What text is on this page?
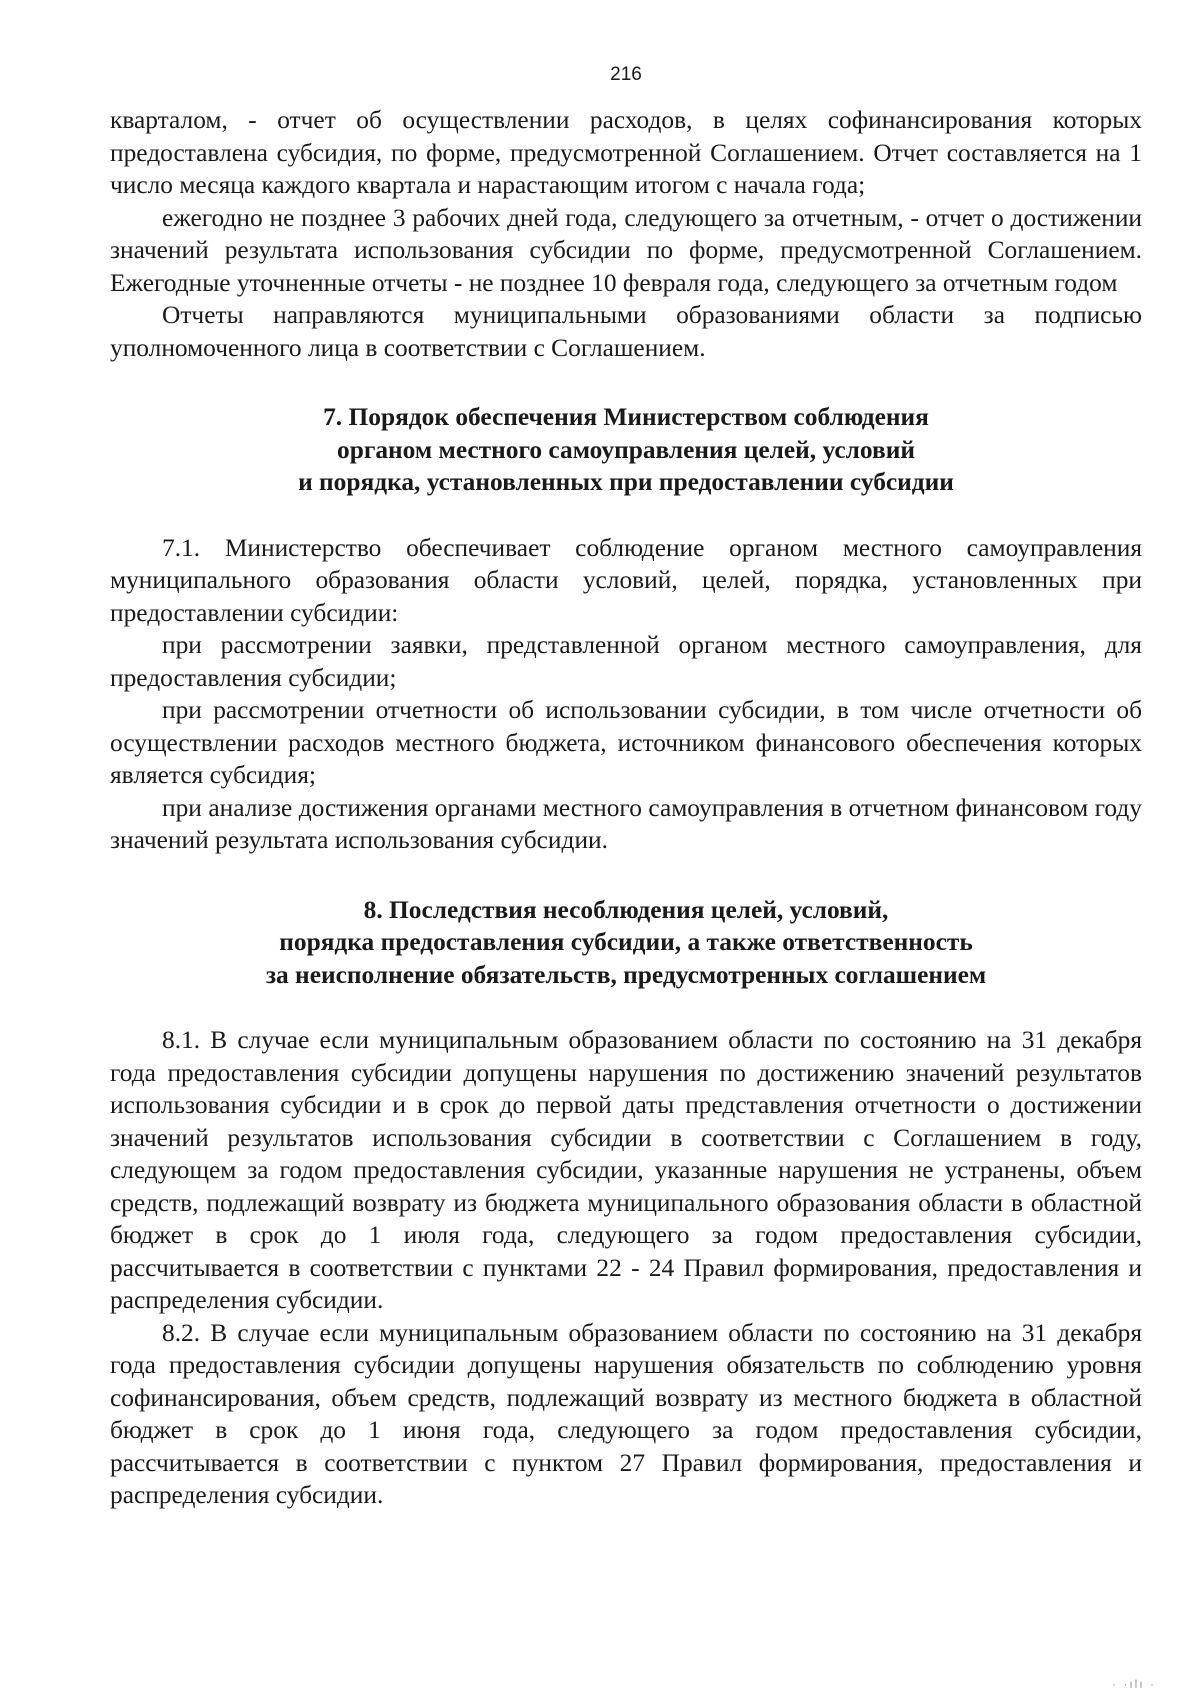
216

кварталом, - отчет об осуществлении расходов, в целях софинансирования которых предоставлена субсидия, по форме, предусмотренной Соглашением. Отчет составляется на 1 число месяца каждого квартала и нарастающим итогом с начала года;

ежегодно не позднее 3 рабочих дней года, следующего за отчетным, - отчет о достижении значений результата использования субсидии по форме, предусмотренной Соглашением. Ежегодные уточненные отчеты - не позднее 10 февраля года, следующего за отчетным годом

Отчеты направляются муниципальными образованиями области за подписью уполномоченного лица в соответствии с Соглашением.

7. Порядок обеспечения Министерством соблюдения
органом местного самоуправления целей, условий
и порядка, установленных при предоставлении субсидии

7.1. Министерство обеспечивает соблюдение органом местного самоуправления муниципального образования области условий, целей, порядка, установленных при предоставлении субсидии:

при рассмотрении заявки, представленной органом местного самоуправления, для предоставления субсидии;

при рассмотрении отчетности об использовании субсидии, в том числе отчетности об осуществлении расходов местного бюджета, источником финансового обеспечения которых является субсидия;

при анализе достижения органами местного самоуправления в отчетном финансовом году значений результата использования субсидии.

8. Последствия несоблюдения целей, условий,
порядка предоставления субсидии, а также ответственность
за неисполнение обязательств, предусмотренных соглашением

8.1. В случае если муниципальным образованием области по состоянию на 31 декабря года предоставления субсидии допущены нарушения по достижению значений результатов использования субсидии и в срок до первой даты представления отчетности о достижении значений результатов использования субсидии в соответствии с Соглашением в году, следующем за годом предоставления субсидии, указанные нарушения не устранены, объем средств, подлежащий возврату из бюджета муниципального образования области в областной бюджет в срок до 1 июля года, следующего за годом предоставления субсидии, рассчитывается в соответствии с пунктами 22 - 24 Правил формирования, предоставления и распределения субсидии.

8.2. В случае если муниципальным образованием области по состоянию на 31 декабря года предоставления субсидии допущены нарушения обязательств по соблюдению уровня софинансирования, объем средств, подлежащий возврату из местного бюджета в областной бюджет в срок до 1 июня года, следующего за годом предоставления субсидии, рассчитывается в соответствии с пунктом 27 Правил формирования, предоставления и распределения субсидии.

· ·ılı ·
